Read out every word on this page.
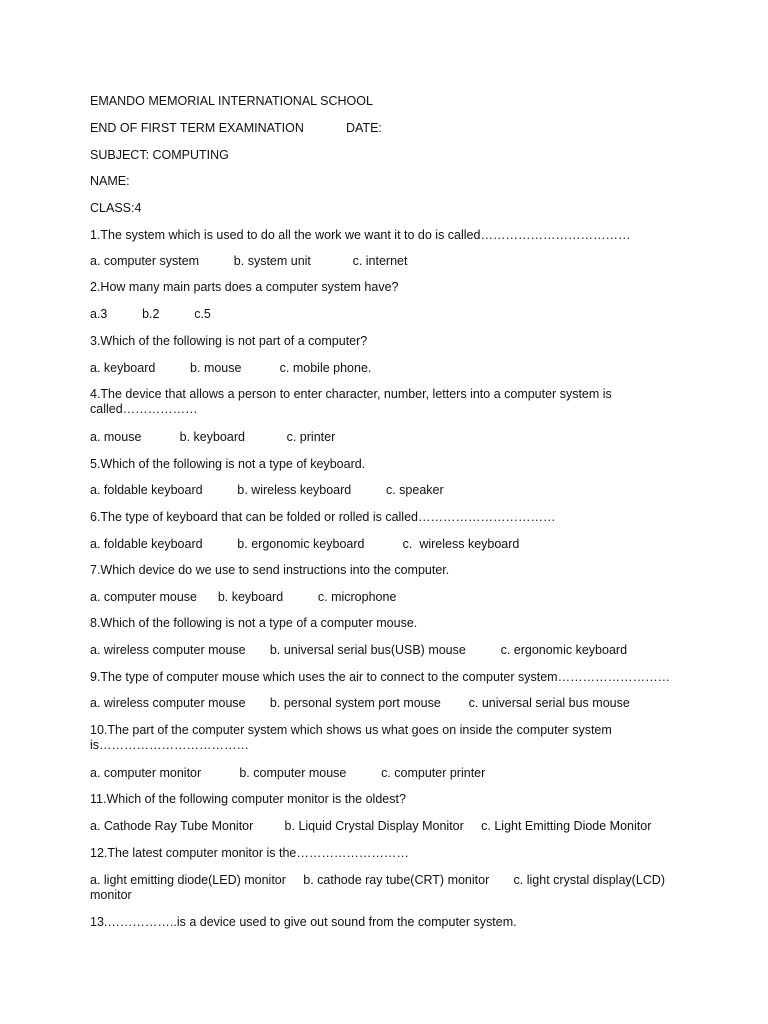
EMANDO MEMORIAL INTERNATIONAL SCHOOL
END OF FIRST TERM EXAMINATION	DATE:
SUBJECT: COMPUTING
NAME:
CLASS:4
1.The system which is used to do all the work we want it to do is called………………………………
a. computer system          b. system unit            c. internet
2.How many main parts does a computer system have?
a.3          b.2          c.5
3.Which of the following is not part of a computer?
a. keyboard          b. mouse           c. mobile phone.
4.The device that allows a person to enter character, number, letters into a computer system is called………………
a. mouse           b. keyboard            c. printer
5.Which of the following is not a type of keyboard.
a. foldable keyboard          b. wireless keyboard          c. speaker
6.The type of keyboard that can be folded or rolled is called……………………………
a. foldable keyboard          b. ergonomic keyboard           c.  wireless keyboard
7.Which device do we use to send instructions into the computer.
a. computer mouse      b. keyboard          c. microphone
8.Which of the following is not a type of a computer mouse.
a. wireless computer mouse       b. universal serial bus(USB) mouse          c. ergonomic keyboard
9.The type of computer mouse which uses the air to connect to the computer system………………………
a. wireless computer mouse       b. personal system port mouse        c. universal serial bus mouse
10.The part of the computer system which shows us what goes on inside the computer system is………………………………
a. computer monitor           b. computer mouse          c. computer printer
11.Which of the following computer monitor is the oldest?
a. Cathode Ray Tube Monitor         b. Liquid Crystal Display Monitor     c. Light Emitting Diode Monitor
12.The latest computer monitor is the………………………
a. light emitting diode(LED) monitor     b. cathode ray tube(CRT) monitor       c. light crystal display(LCD) monitor
13.……………..is a device used to give out sound from the computer system.
